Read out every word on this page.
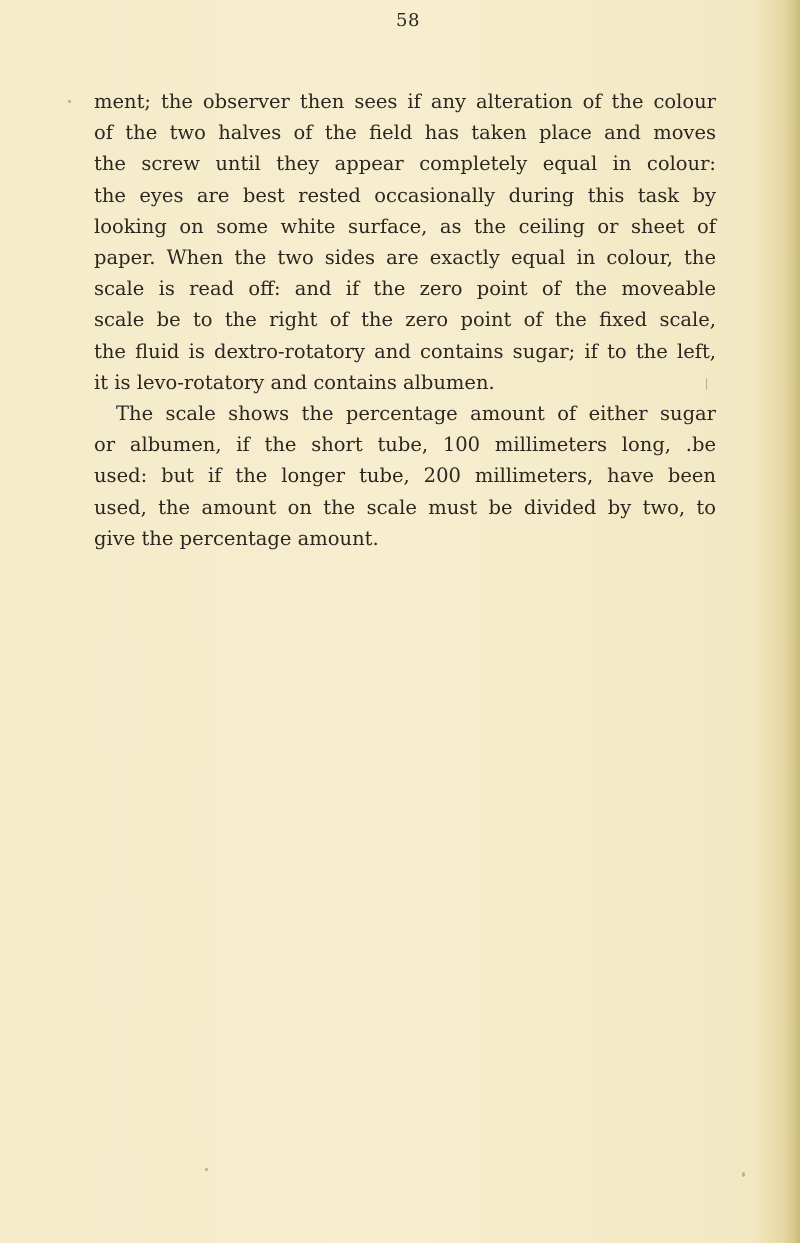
58
ment; the observer then sees if any alteration of the colour
of the two halves of the field has taken place and moves
the screw until they appear completely equal in colour:
the eyes are best rested occasionally during this task by
looking on some white surface, as the ceiling or sheet of
paper. When the two sides are exactly equal in colour, the
scale is read off: and if the zero point of the moveable
scale be to the right of the zero point of the fixed scale,
the fluid is dextro-rotatory and contains sugar; if to the left,
it is levo-rotatory and contains albumen.
The scale shows the percentage amount of either sugar
or albumen, if the short tube, 100 millimeters long, .be
used: but if the longer tube, 200 millimeters, have been
used, the amount on the scale must be divided by two, to
give the percentage amount.
